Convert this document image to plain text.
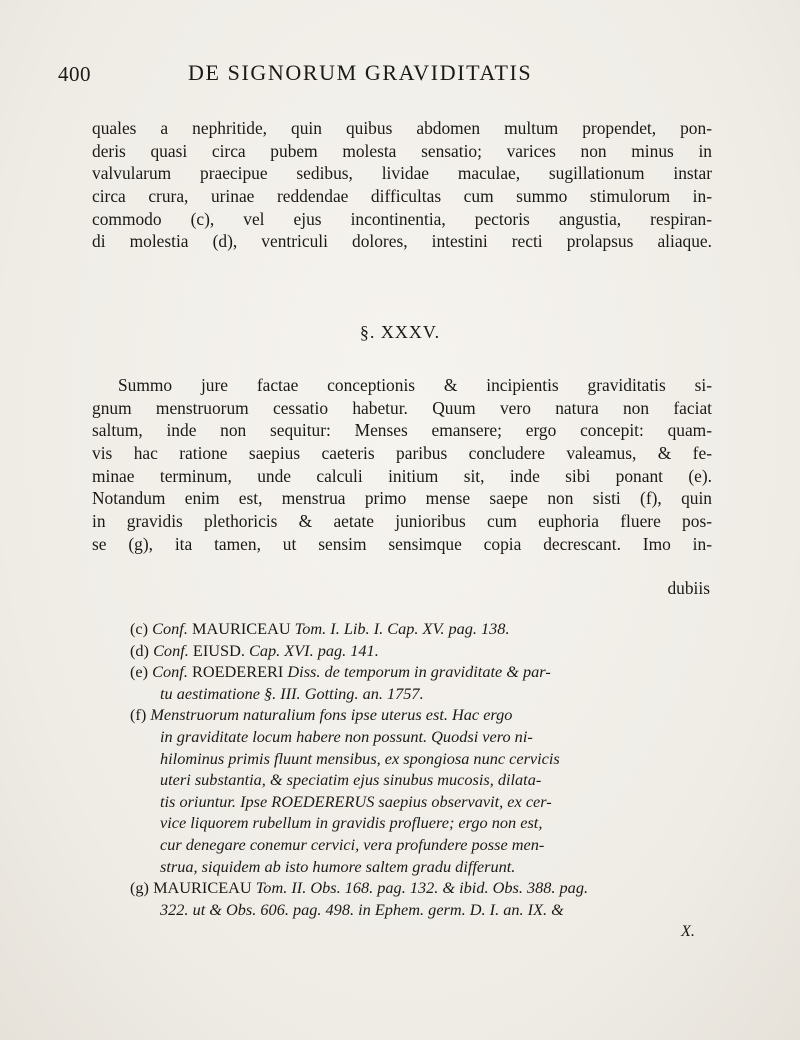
400	DE SIGNORUM GRAVIDITATIS
quales a nephritide, quin quibus abdomen multum propendet, pon-
deris quasi circa pubem molesta sensatio; varices non minus in
valvularum praecipue sedibus, lividae maculae, sugillationum instar
circa crura, urinae reddendae difficultas cum summo stimulorum in-
commodo (c), vel ejus incontinentia, pectoris angustia, respiran-
di molestia (d), ventriculi dolores, intestini recti prolapsus aliaque.
§. XXXV.
Summo jure factae conceptionis & incipientis graviditatis si-
gnum menstruorum cessatio habetur. Quum vero natura non faciat
saltum, inde non sequitur: Menses emansere; ergo concepit: quam-
vis hac ratione saepius caeteris paribus concludere valeamus, & fe-
minae terminum, unde calculi initium sit, inde sibi ponant (e).
Notandum enim est, menstrua primo mense saepe non sisti (f), quin
in gravidis plethoricis & aetate junioribus cum euphoria fluere pos-
se (g), ita tamen, ut sensim sensimque copia decrescant. Imo in-
dubiis
(c) Conf. MAURICEAU Tom. I. Lib. I. Cap. XV. pag. 138.
(d) Conf. EIUSD. Cap. XVI. pag. 141.
(e) Conf. ROEDERERI Diss. de temporum in graviditate & par-
tu aestimatione §. III. Gotting. an. 1757.
(f) Menstruorum naturalium fons ipse uterus est. Hac ergo
in graviditate locum habere non possunt. Quodsi vero ni-
hilominus primis fluunt mensibus, ex spongiosa nunc cervicis
uteri substantia, & speciatim ejus sinubus mucosis, dilata-
tis oriuntur. Ipse ROEDERERUS saepius observavit, ex cer-
vice liquorem rubellum in gravidis profluere; ergo non est,
cur denegare conemur cervici, vera profundere posse men-
strua, siquidem ab isto humore saltem gradu differunt.
(g) MAURICEAU Tom. II. Obs. 168. pag. 132. & ibid. Obs. 388. pag.
322. ut & Obs. 606. pag. 498. in Ephem. germ. D. I. an. IX. &
X.
